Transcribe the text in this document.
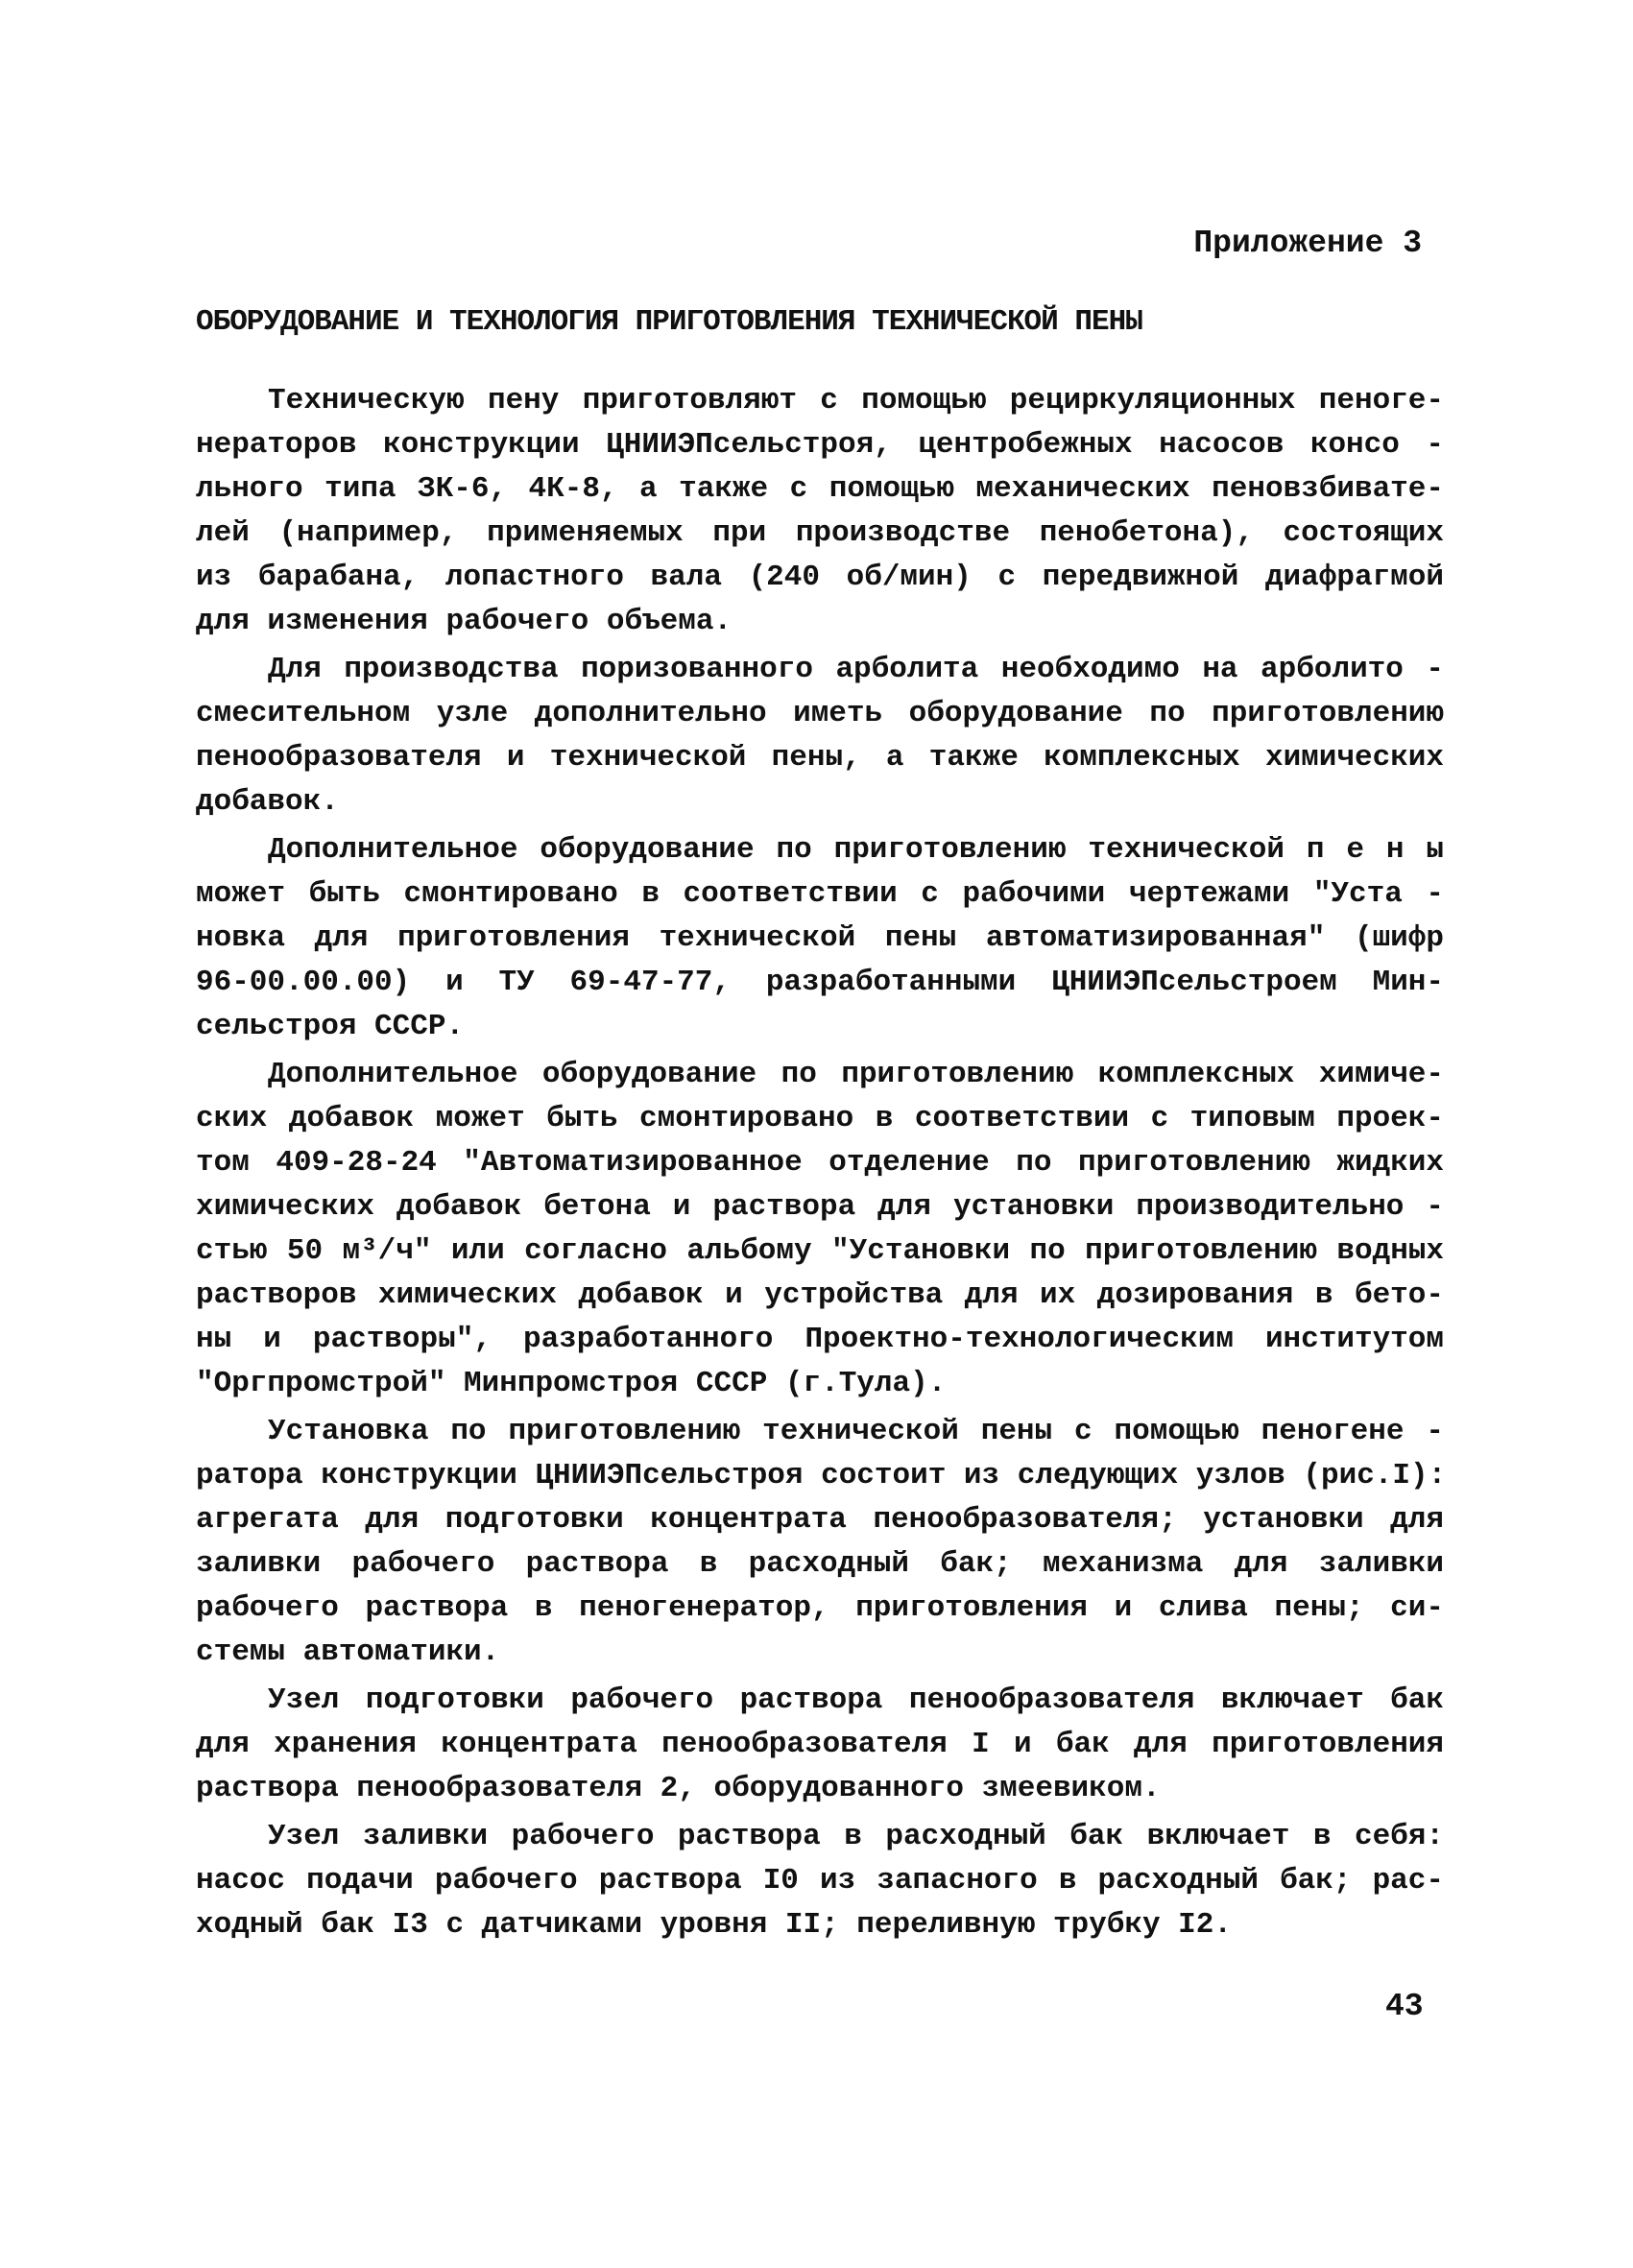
Приложение 3
ОБОРУДОВАНИЕ И ТЕХНОЛОГИЯ ПРИГОТОВЛЕНИЯ ТЕХНИЧЕСКОЙ ПЕНЫ
Техническую пену приготовляют с помощью рециркуляционных пеноге-
нераторов конструкции ЦНИИЭПсельстроя, центробежных насосов консо -
льного типа ЗК-6, 4К-8, а также с помощью механических пеновзбивате-
лей (например, применяемых при производстве пенобетона), состоящих
из барабана, лопастного вала (240 об/мин) с передвижной диафрагмой
для изменения рабочего объема.
Для производства поризованного арболита необходимо на арболито -
смесительном узле дополнительно иметь оборудование по приготовлению
пенообразователя и технической пены, а также комплексных химических
добавок.
Дополнительное оборудование по приготовлению технической п е н ы
может быть смонтировано в соответствии с рабочими чертежами "Уста -
новка для приготовления технической пены автоматизированная" (шифр
96-00.00.00) и ТУ 69-47-77, разработанными ЦНИИЭПсельстроем Мин-
сельстроя СССР.
Дополнительное оборудование по приготовлению комплексных химиче-
ских добавок может быть смонтировано в соответствии с типовым проек-
том 409-28-24 "Автоматизированное отделение по приготовлению жидких
химических добавок бетона и раствора для установки производительно -
стью 50 м³/ч" или согласно альбому "Установки по приготовлению водных
растворов химических добавок и устройства для их дозирования в бето-
ны и растворы", разработанного Проектно-технологическим институтом
"Оргпромстрой" Минпромстроя СССР (г.Тула).
Установка по приготовлению технической пены с помощью пеногене -
ратора конструкции ЦНИИЭПсельстроя состоит из следующих узлов (рис.I):
агрегата для подготовки концентрата пенообразователя; установки для
заливки рабочего раствора в расходный бак; механизма для заливки
рабочего раствора в пеногенератор, приготовления и слива пены; си-
стемы автоматики.
Узел подготовки рабочего раствора пенообразователя включает бак
для хранения концентрата пенообразователя I и бак для приготовления
раствора пенообразователя 2, оборудованного змеевиком.
Узел заливки рабочего раствора в расходный бак включает в себя:
насос подачи рабочего раствора I0 из запасного в расходный бак; рас-
ходный бак I3 с датчиками уровня II; переливную трубку I2.
43
